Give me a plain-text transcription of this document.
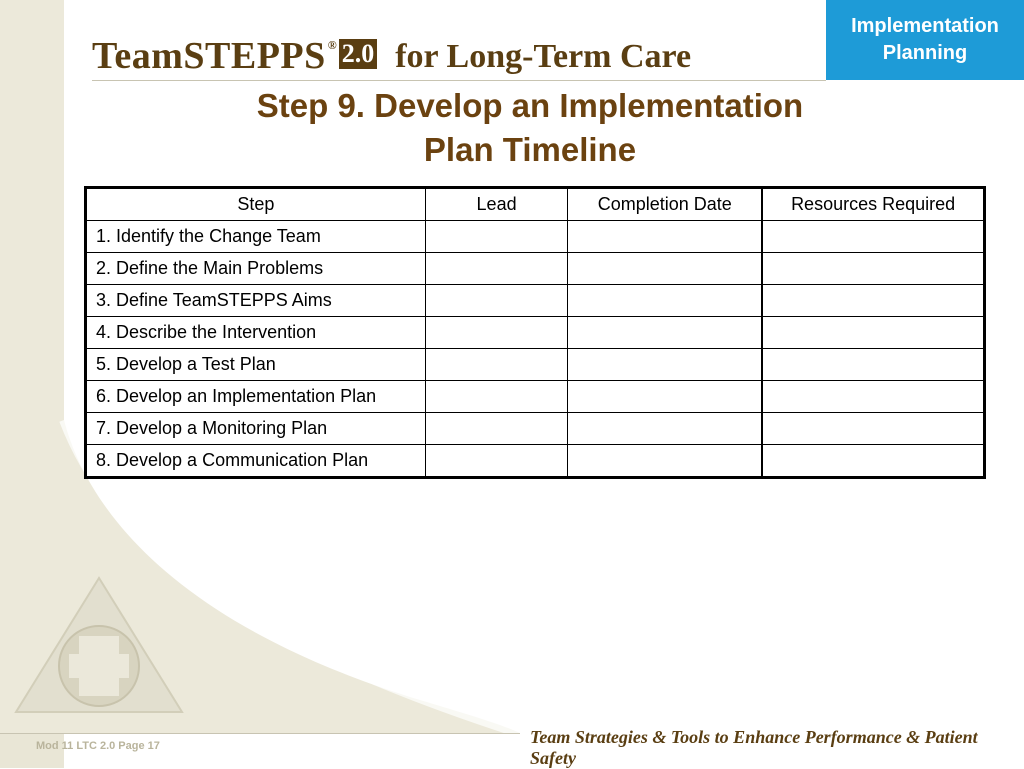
Implementation
Planning
TeamSTEPPS ® 2.0 for Long-Term Care
Step 9. Develop an Implementation
Plan Timeline
Step	Lead	Completion Date	Resources Required
1. Identify the Change Team			
2. Define the Main Problems			
3. Define TeamSTEPPS Aims			
4. Describe the Intervention			
5. Develop a Test Plan			
6. Develop an Implementation Plan			
7. Develop a Monitoring Plan			
8. Develop a Communication Plan			
Mod 11 LTC 2.0 Page 17	Team Strategies & Tools to Enhance Performance & Patient Safety
